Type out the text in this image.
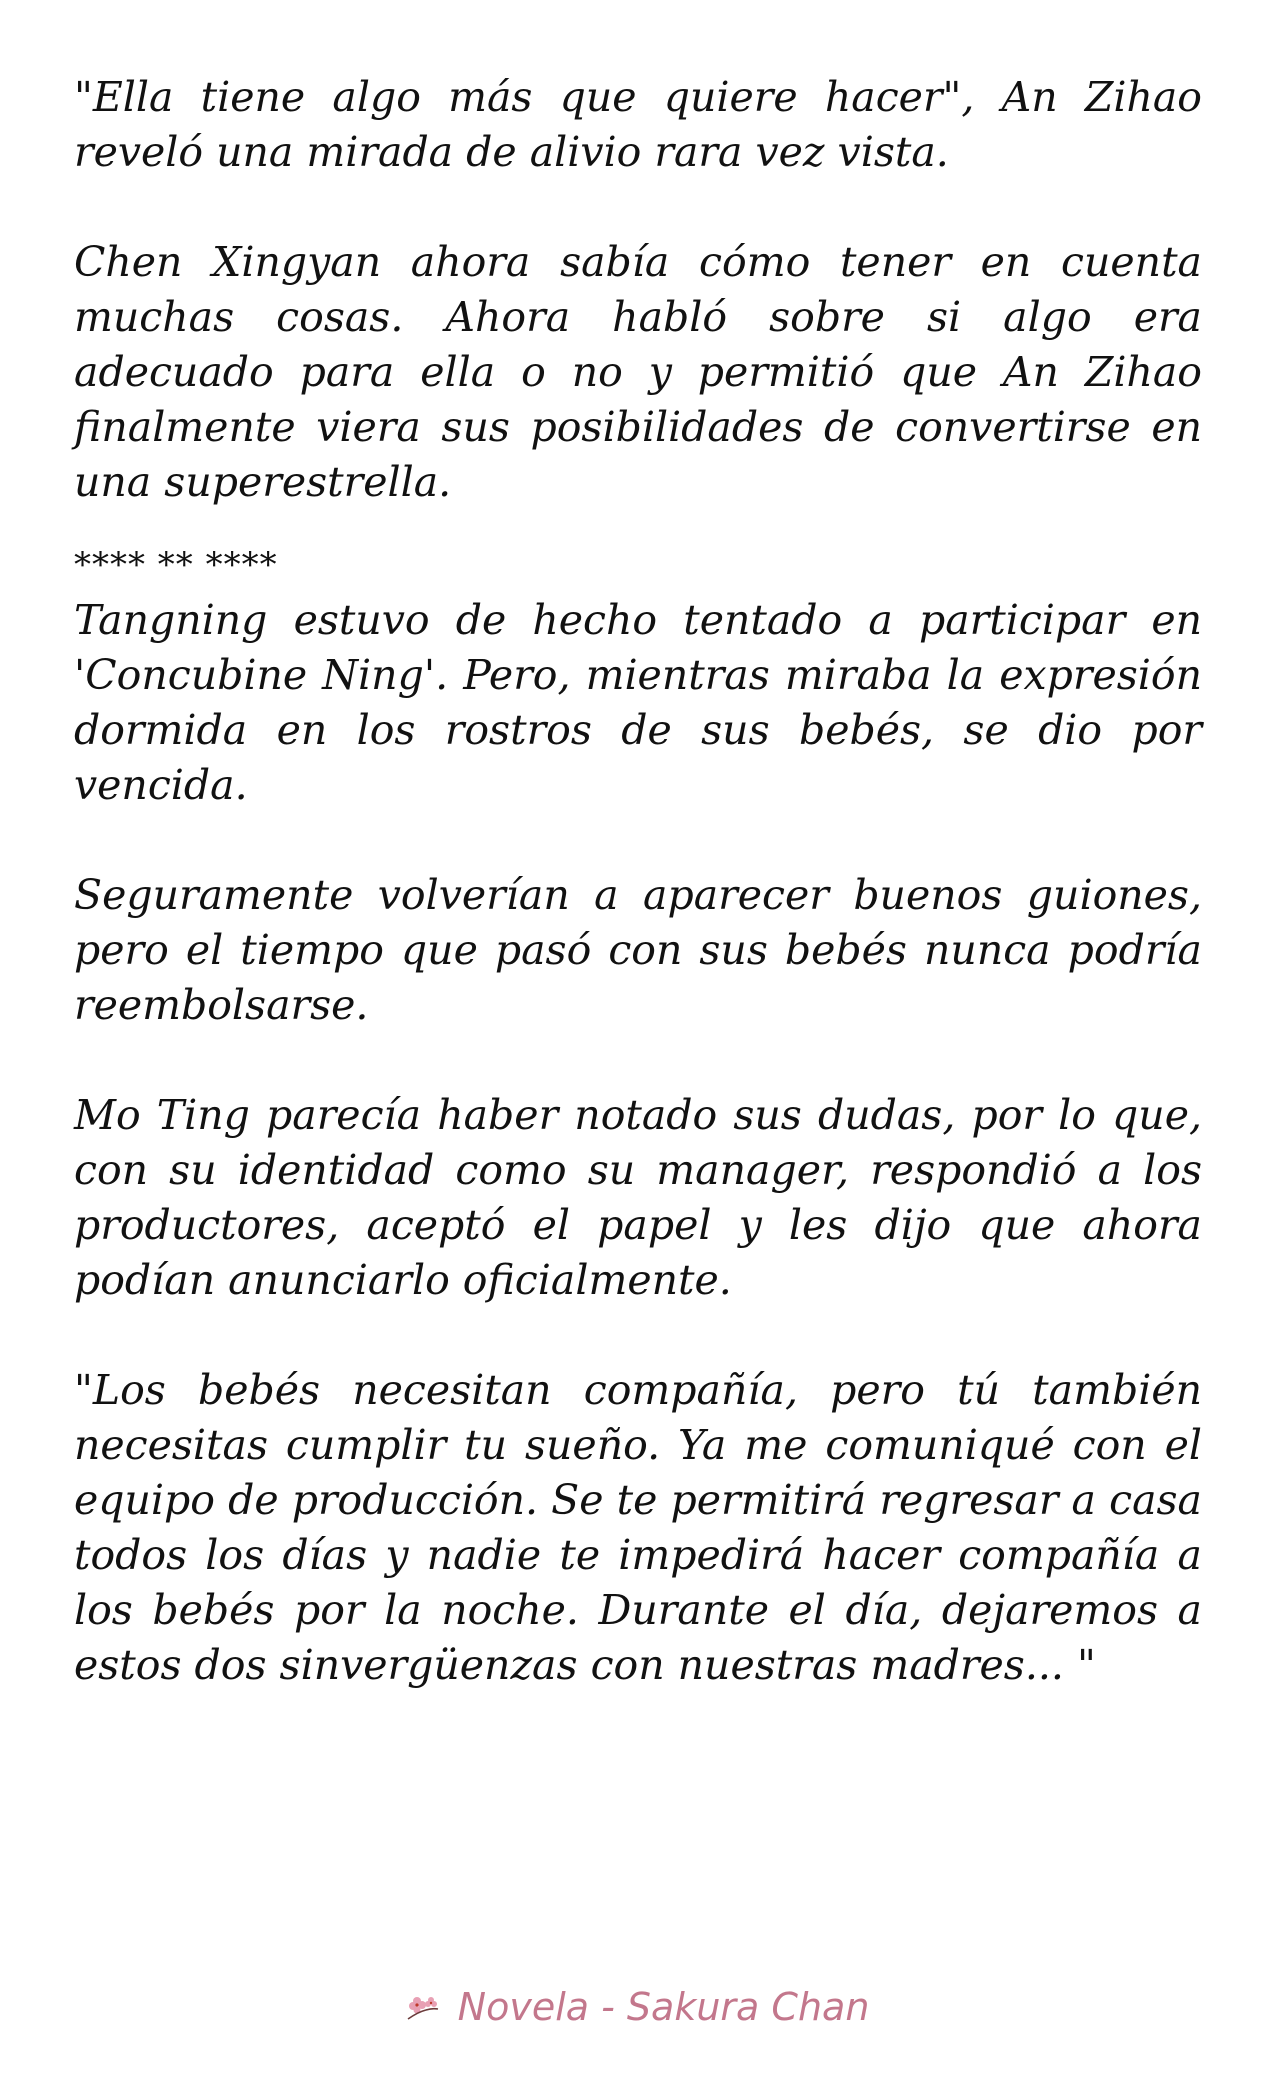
"Ella tiene algo más que quiere hacer", An Zihao reveló una mirada de alivio rara vez vista.

Chen Xingyan ahora sabía cómo tener en cuenta muchas cosas. Ahora habló sobre si algo era adecuado para ella o no y permitió que An Zihao finalmente viera sus posibilidades de convertirse en una superestrella.

**** ** ****

Tangning estuvo de hecho tentado a participar en 'Concubine Ning'. Pero, mientras miraba la expresión dormida en los rostros de sus bebés, se dio por vencida.

Seguramente volverían a aparecer buenos guiones, pero el tiempo que pasó con sus bebés nunca podría reembolsarse.

Mo Ting parecía haber notado sus dudas, por lo que, con su identidad como su manager, respondió a los productores, aceptó el papel y les dijo que ahora podían anunciarlo oficialmente.

"Los bebés necesitan compañía, pero tú también necesitas cumplir tu sueño. Ya me comuniqué con el equipo de producción. Se te permitirá regresar a casa todos los días y nadie te impedirá hacer compañía a los bebés por la noche. Durante el día, dejaremos a estos dos sinvergüenzas con nuestras madres... "

Novela - Sakura Chan
